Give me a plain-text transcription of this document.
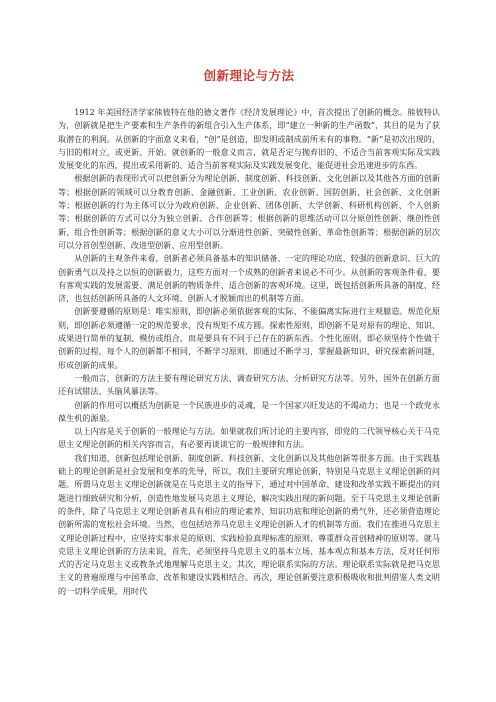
创新理论与方法

1912 年美国经济学家熊彼特在他的德文著作《经济发展理论》中，首次提出了创新的概念。熊彼特认为，创新就是把生产要素和生产条件的新组合引入生产体系，即“建立一种新的生产函数”，其目的是为了获取潜在的利润。从创新的字面意义来看，“创”是创造，即发明或制成前所未有的事物。“新”是初次出现的，与旧的相对立，或更新、开始。就创新的一般意义而言，就是否定与抛弃旧的、不适合当前客观实际及实践发展变化的东西，提出或采用新的、适合当前客观实际及实践发展变化、能促进社会迅速进步的东西。

根据创新的表现形式可以把创新分为理论创新、制度创新、科技创新、文化创新以及其他各方面的创新等；根据创新的领域可以分教育创新、金融创新、工业创新、农业创新、国防创新、社会创新、文化创新等；根据创新的行为主体可以分为政府创新、企业创新、团体创新、大学创新、科研机构创新、个人创新等；根据创新的方式可以分为独立创新、合作创新等；根据创新的思维活动可以分原创性创新、继创性创新、组合性创新等；根据创新的意义大小可以分渐进性创新、突破性创新、革命性创新等；根据创新的层次可以分首创型创新、改进型创新、应用型创新。

从创新的主观条件来看，创新者必须具备基本的知识储备、一定的理论功底、较强的创新意识、巨大的创新勇气以及持之以恒的创新毅力，这些方面对一个成熟的创新者来说必不可少。从创新的客观条件看，要有客观实践的发展需要、满足创新的物质条件、适合创新的客观环境。这里，既包括创新所具备的制度、经济，也包括创新所具备的人文环境、创新人才脱颖而出的机制等方面。

创新要遵循的原则是：唯实原则，即创新必须依据客观的实际，不能偏离实际进行主观臆造。规范化原则，即创新必须遵循一定的规范要求，没有规矩不成方圆。探索性原则，即创新不是对原有的理论、知识、成果进行简单的复制、模仿或组合，而是要具有不同于已存在的新东西。个性化原则，即必须坚持个性做于创新的过程，每个人的创新都不相同，不断学习原则，即通过不断学习，掌握最新知识，研究探索新问题，形成创新的成果。

一般而言，创新的方法主要有理论研究方法、调查研究方法、分析研究方法等。另外，国外在创新方面还有试错法、头脑风暴法等。

创新的作用可以概括为创新是一个民族进步的灵魂，是一个国家兴旺发达的不竭动力；也是一个政党永葆生机的源泉。

以上内容是关于创新的一般理论与方法。如果就我们所讨论的主要内容，即党的二代领导核心关于马克思主义理论创新的相关内容而言，有必要再谈谈它的一般规律和方法。

我们知道，创新包括理论创新、制度创新、科技创新、文化创新以及其他创新等很多方面。由于实践基础上的理论创新是社会发展和变革的先导，所以，我们主要研究理论创新，特别是马克思主义理论创新的问题。所谓马克思主义理论创新就是在马克思主义的指导下，通过对中国革命、建设和改革实践不断提出的问题进行细致研究和分析，创造性地发展马克思主义理论，解决实践出现的新问题。至于马克思主义理论创新的条件，除了马克思主义理论创新者具有相应的理论素养、知识功底和理论创新的勇气外，还必须营造理论创新所需的宽松社会环境。当然，也包括培养马克思主义理论创新人才的机制等方面。我们在推进马克思主义理论创新过程中，应坚持实事求是的原则、实践检验真理标准的原则、尊重群众首创精神的原则等。就马克思主义理论创新的方法来说，首先，必须坚持马克思主义的基本立场、基本观点和基本方法，反对任何形式的否定马克思主义或教条式地理解马克思主义。其次，理论联系实际的方法。理论联系实际就是把马克思主义的普遍原理与中国革命、改革和建设实践相结合。再次，理论创新要注意积极吸收和批判借鉴人类文明的一切科学成果，用时代
